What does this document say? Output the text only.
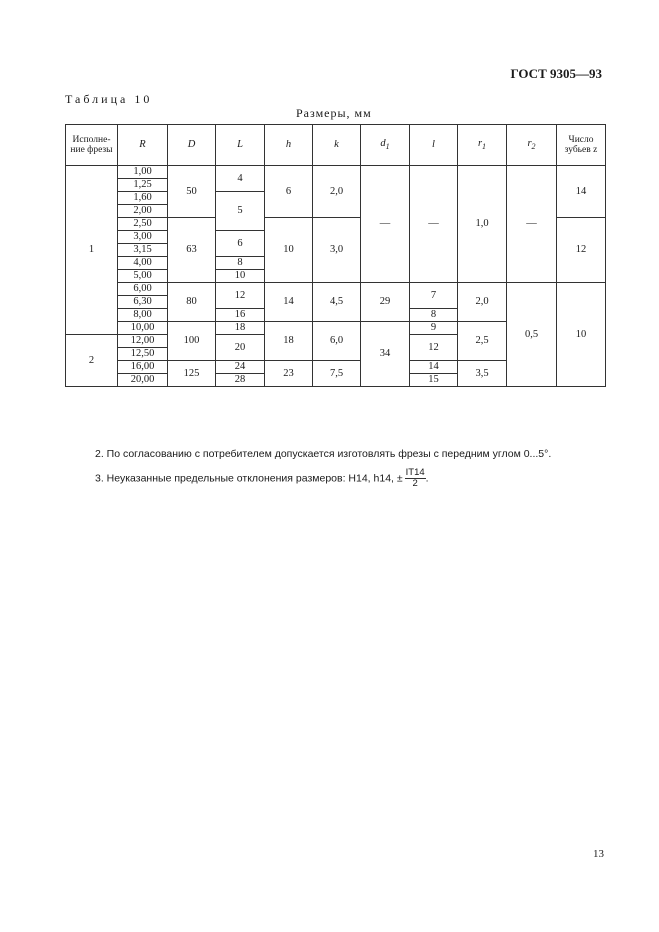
ГОСТ 9305—93
Таблица 10
Размеры, мм
Исполне-ние фрезы	R	D	L	h	k	$d_1$	l	$r_1$	$r_2$	Число зубьев z
1	1,00	50	4	6	2,0	—	—	1,0	—	14
	1,25									
	1,60		5							
	2,00									
	2,50	63		10	3,0					12
	3,00		6							
	3,15									
	4,00		8							
	5,00		10							
	6,00	80	12	14	4,5	29	7	2,0	0,5	10
	6,30									
	8,00		16				8			
	10,00	100	18	18	6,0	34	9	2,5		
2	12,00		20				12			
	12,50									
	16,00	125	24	23	7,5		14	3,5		
	20,00		28				15			

2. По согласованию с потребителем допускается изготовлять фрезы с передним углом 0...5°.

3. Неуказанные предельные отклонения размеров: H14, h14, ± $\frac{IT14}{2}$ .

13
